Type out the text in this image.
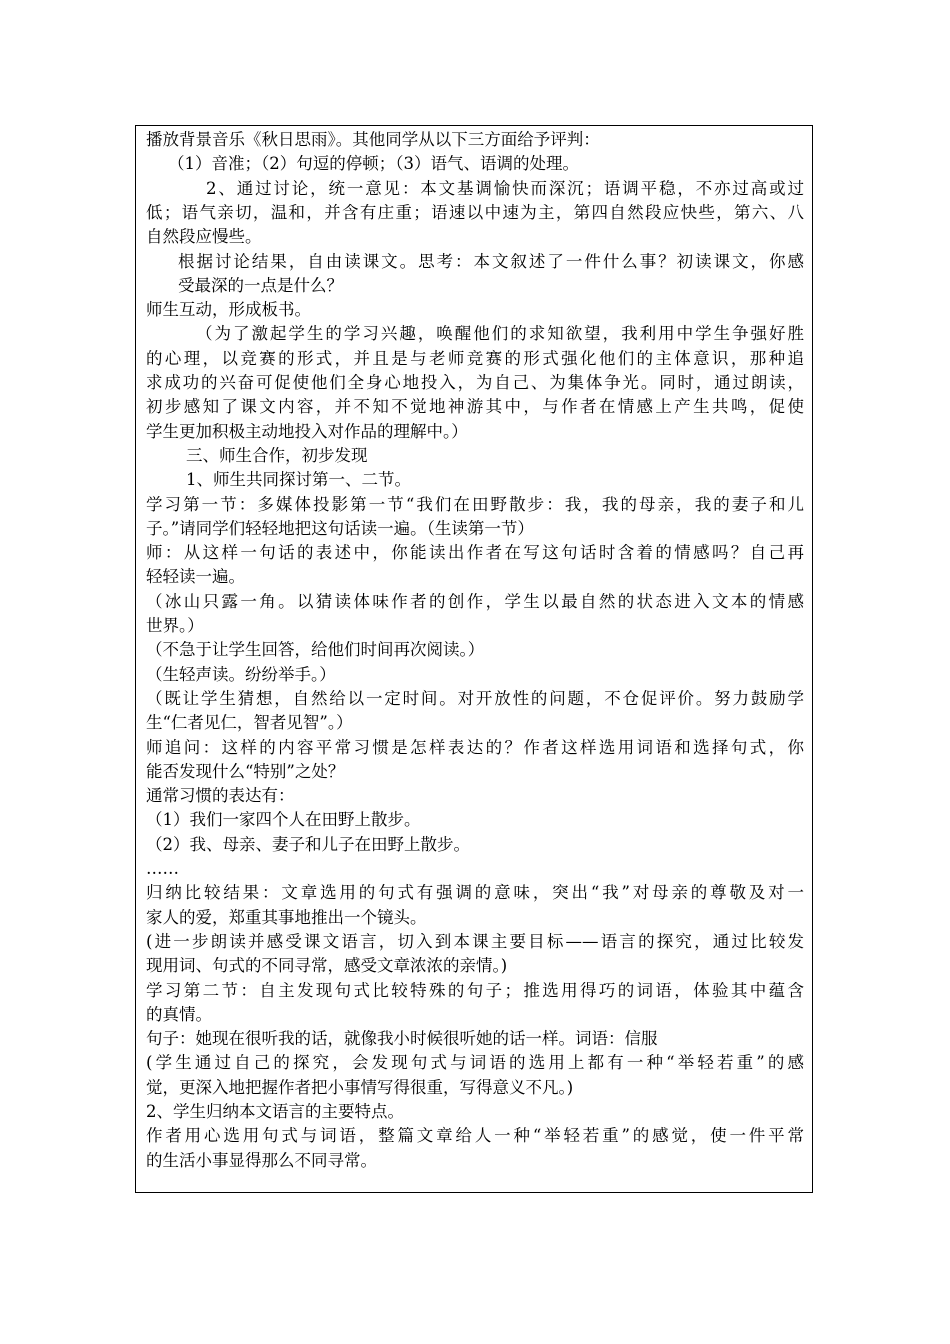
播放背景音乐《秋日思雨》。其他同学从以下三方面给予评判：
（1）音准；（2）句逗的停顿；（3）语气、语调的处理。
2、通过讨论，统一意见：本文基调愉快而深沉；语调平稳，不亦过高或过
低；语气亲切，温和，并含有庄重；语速以中速为主，第四自然段应快些，第六、八
自然段应慢些。
根据讨论结果，自由读课文。思考：本文叙述了一件什么事？初读课文，你感
受最深的一点是什么？
师生互动，形成板书。
（为了激起学生的学习兴趣，唤醒他们的求知欲望，我利用中学生争强好胜
的心理，以竞赛的形式，并且是与老师竞赛的形式强化他们的主体意识，那种追
求成功的兴奋可促使他们全身心地投入，为自己、为集体争光。同时，通过朗读，
初步感知了课文内容，并不知不觉地神游其中，与作者在情感上产生共鸣，促使
学生更加积极主动地投入对作品的理解中。）
三、师生合作，初步发现
1、师生共同探讨第一、二节。
学习第一节：多媒体投影第一节“我们在田野散步：我，我的母亲，我的妻子和儿
子。”请同学们轻轻地把这句话读一遍。（生读第一节）
师：从这样一句话的表述中，你能读出作者在写这句话时含着的情感吗？自己再
轻轻读一遍。
（冰山只露一角。以猜读体味作者的创作，学生以最自然的状态进入文本的情感
世界。）
（不急于让学生回答，给他们时间再次阅读。）
（生轻声读。纷纷举手。）
（既让学生猜想，自然给以一定时间。对开放性的问题，不仓促评价。努力鼓励学
生“仁者见仁，智者见智”。）
师追问：这样的内容平常习惯是怎样表达的？作者这样选用词语和选择句式，你
能否发现什么“特别”之处？
通常习惯的表达有：
（1）我们一家四个人在田野上散步。
（2）我、母亲、妻子和儿子在田野上散步。
……
归纳比较结果：文章选用的句式有强调的意味，突出“我”对母亲的尊敬及对一
家人的爱，郑重其事地推出一个镜头。
(进一步朗读并感受课文语言，切入到本课主要目标——语言的探究，通过比较发
现用词、句式的不同寻常，感受文章浓浓的亲情。)
学习第二节：自主发现句式比较特殊的句子；推选用得巧的词语，体验其中蕴含
的真情。
句子：她现在很听我的话，就像我小时候很听她的话一样。词语：信服
(学生通过自己的探究，会发现句式与词语的选用上都有一种“举轻若重”的感
觉，更深入地把握作者把小事情写得很重，写得意义不凡。)
2、学生归纳本文语言的主要特点。
作者用心选用句式与词语，整篇文章给人一种“举轻若重”的感觉，使一件平常
的生活小事显得那么不同寻常。
